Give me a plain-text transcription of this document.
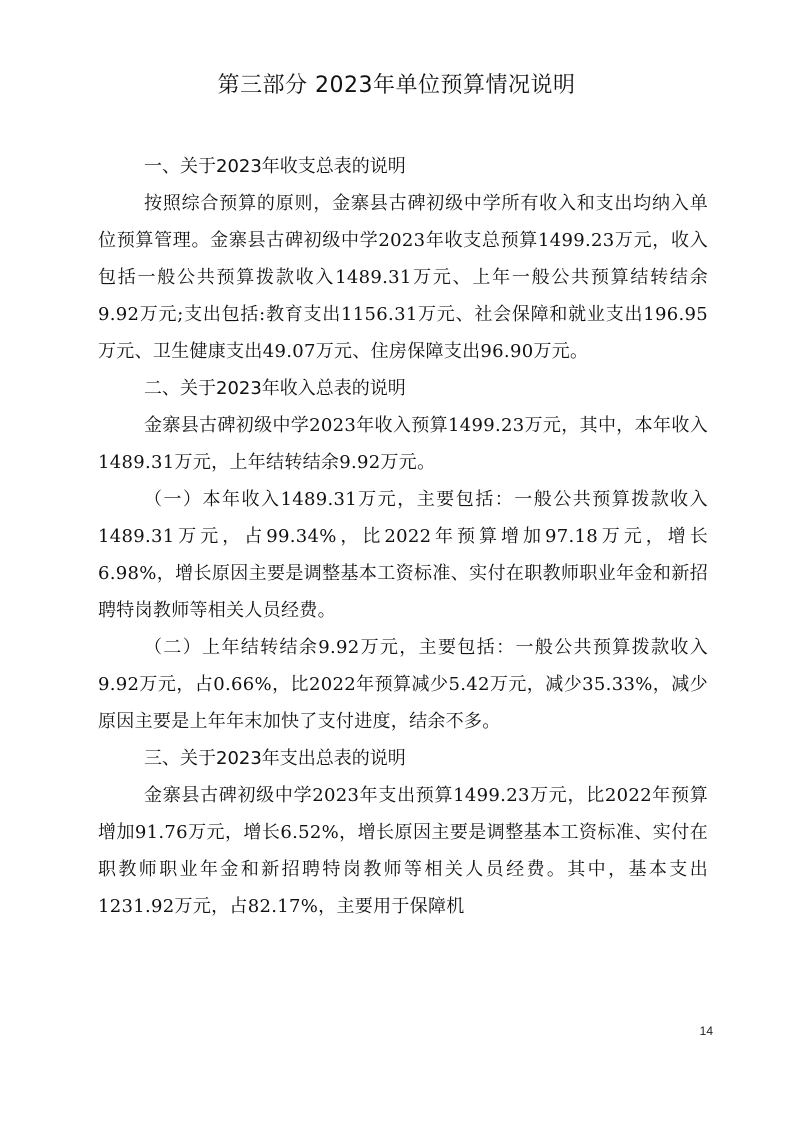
第三部分 2023年单位预算情况说明
一、关于2023年收支总表的说明

按照综合预算的原则，金寨县古碑初级中学所有收入和支出均纳入单位预算管理。金寨县古碑初级中学2023年收支总预算1499.23万元，收入包括一般公共预算拨款收入1489.31万元、上年一般公共预算结转结余9.92万元;支出包括:教育支出1156.31万元、社会保障和就业支出196.95万元、卫生健康支出49.07万元、住房保障支出96.90万元。

二、关于2023年收入总表的说明

金寨县古碑初级中学2023年收入预算1499.23万元，其中，本年收入1489.31万元，上年结转结余9.92万元。

（一）本年收入1489.31万元，主要包括：一般公共预算拨款收入1489.31万元，占99.34%，比2022年预算增加97.18万元，增长6.98%，增长原因主要是调整基本工资标准、实付在职教师职业年金和新招聘特岗教师等相关人员经费。

（二）上年结转结余9.92万元，主要包括：一般公共预算拨款收入9.92万元，占0.66%，比2022年预算减少5.42万元，减少35.33%，减少原因主要是上年年末加快了支付进度，结余不多。

三、关于2023年支出总表的说明

金寨县古碑初级中学2023年支出预算1499.23万元，比2022年预算增加91.76万元，增长6.52%，增长原因主要是调整基本工资标准、实付在职教师职业年金和新招聘特岗教师等相关人员经费。其中，基本支出1231.92万元，占82.17%，主要用于保障机

14
